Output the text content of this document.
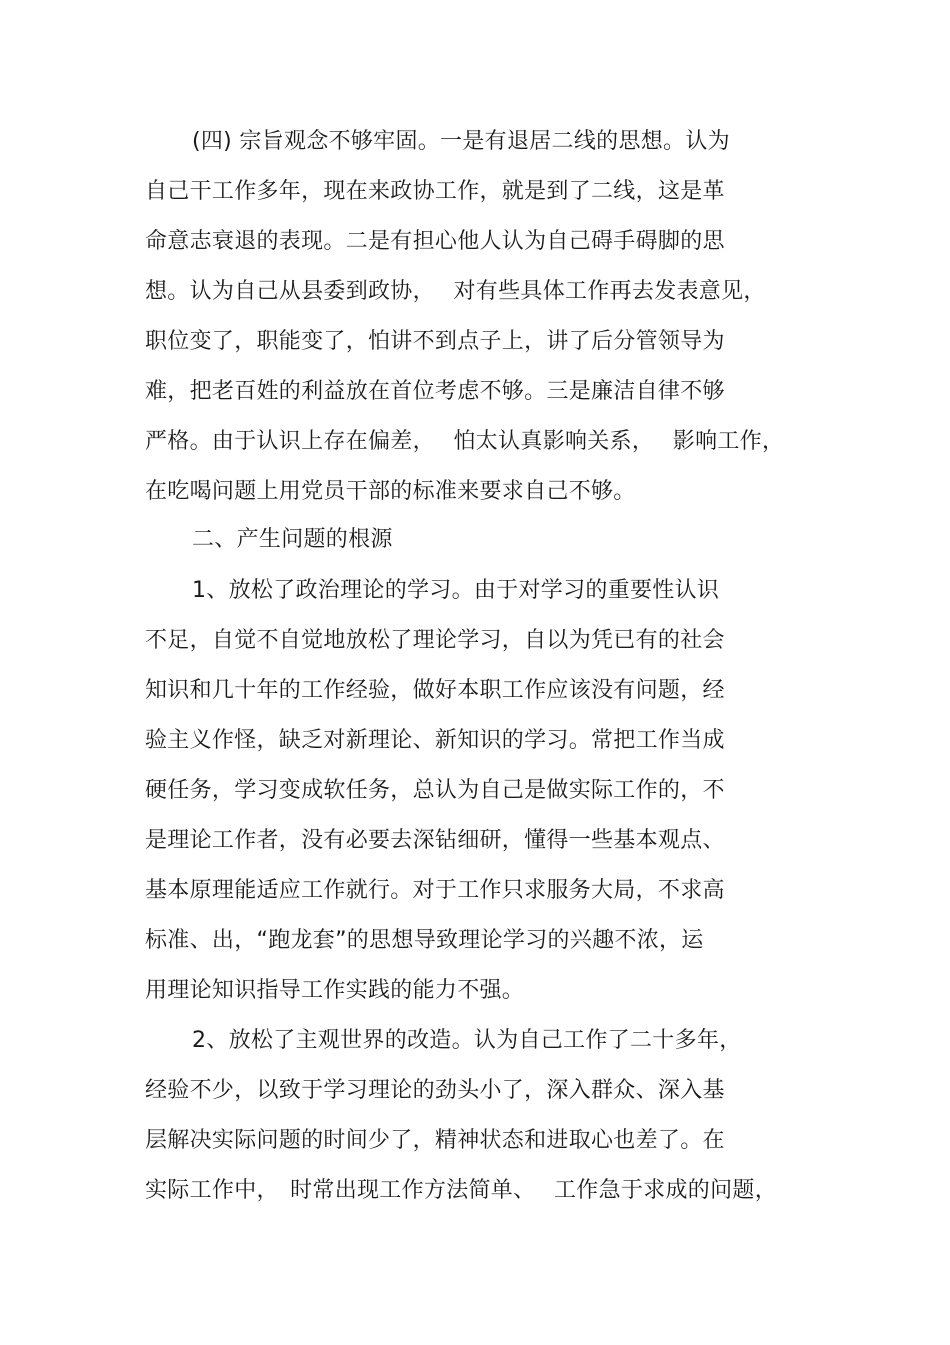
(四) 宗旨观念不够牢固。一是有退居二线的思想。认为
自己干工作多年，现在来政协工作，就是到了二线，这是革
命意志衰退的表现。二是有担心他人认为自己碍手碍脚的思
想。认为自己从县委到政协，　 对有些具体工作再去发表意见，
职位变了，职能变了，怕讲不到点子上，讲了后分管领导为
难，把老百姓的利益放在首位考虑不够。三是廉洁自律不够
严格。由于认识上存在偏差，　 怕太认真影响关系，　 影响工作，
在吃喝问题上用党员干部的标准来要求自己不够。
二、产生问题的根源
1、放松了政治理论的学习。由于对学习的重要性认识
不足，自觉不自觉地放松了理论学习，自以为凭已有的社会
知识和几十年的工作经验，做好本职工作应该没有问题，经
验主义作怪，缺乏对新理论、新知识的学习。常把工作当成
硬任务，学习变成软任务，总认为自己是做实际工作的，不
是理论工作者，没有必要去深钻细研，懂得一些基本观点、
基本原理能适应工作就行。对于工作只求服务大局，不求高
标准、出，“跑龙套”的思想导致理论学习的兴趣不浓，运
用理论知识指导工作实践的能力不强。
2、放松了主观世界的改造。认为自己工作了二十多年，
经验不少，以致于学习理论的劲头小了，深入群众、深入基
层解决实际问题的时间少了，精神状态和进取心也差了。在
实际工作中，　时常出现工作方法简单、　 工作急于求成的问题，
